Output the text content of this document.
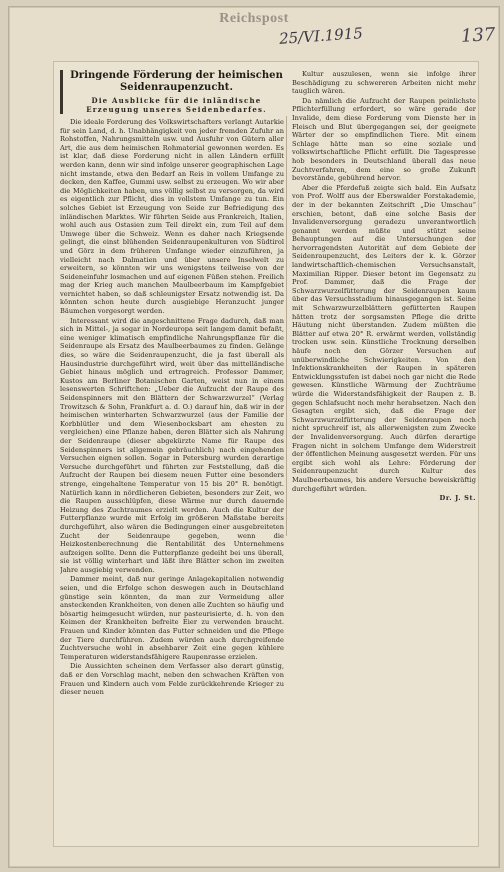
Reichspost
25/VI.1915	137
Dringende Förderung der heimischen Seidenraupenzucht.
Die Ausblicke für die inländische Erzeugung unseres Seidenbedarfes.

Die ideale Forderung des Volkswirtschafters verlangt Autarkie für sein Land, d. h. Unabhängigkeit von jeder fremden Zufuhr an Rohstoffen, Nahrungsmitteln usw. und Ausfuhr von Gütern aller Art, die aus dem heimischen Rohmaterial gewonnen werden. Es ist klar, daß diese Forderung nicht in allen Ländern erfüllt werden kann, denn wir sind infolge unserer geographischen Lage nicht imstande, etwa den Bedarf an Reis in vollem Umfange zu decken, den Kaffee, Gummi usw. selbst zu erzeugen. Wo wir aber die Möglichkeiten haben, uns völlig selbst zu versorgen, da wird es eigentlich zur Pflicht, dies in vollstem Umfange zu tun. Ein solches Gebiet ist Erzeugung von Seide zur Befriedigung des inländischen Marktes. Wir führten Seide aus Frankreich, Italien, wohl auch aus Ostasien zum Teil direkt ein, zum Teil auf dem Umwege über die Schweiz. Wenn es daher nach Kriegsende gelingt, die einst blühenden Seidenraupenkulturen von Südtirol und Görz in dem früheren Umfange wieder einzuführen, ja vielleicht nach Dalmatien und über unsere Inselwelt zu erweitern, so könnten wir uns wenigstens teilweise von der Seideneinfuhr losmachen und auf eigenen Füßen stehen. Freilich mag der Krieg auch manchen Maulbeerbaum im Kampfgebiet vernichtet haben, so daß schleunigster Ersatz notwendig ist. Da könnten schon heute durch ausgiebige Heranzucht junger Bäumchen vorgesorgt werden.

Interessant wird die angeschnittene Frage dadurch, daß man sich in Mittel-, ja sogar in Nordeuropa seit langem damit befaßt, eine weniger klimatisch empfindliche Nahrungspflanze für die Seidenraupe als Ersatz des Maulbeerbaumes zu finden. Gelänge dies, so wäre die Seidenraupenzucht, die ja fast überall als Hausindustrie durchgeführt wird, weit über das mittelländische Gebiet hinaus möglich und ertragreich. Professor Dammer, Kustos am Berliner Botanischen Garten, weist nun in einem lesenswerten Schriftchen: „Ueber die Aufzucht der Raupe des Seidenspinners mit den Blättern der Schwarzwurzel“ (Verlag Trowitzsch & Sohn, Frankfurt a. d. O.) darauf hin, daß wir in der heimischen winterharten Schwarzwurzel (aus der Familie der Korbblütler und dem Wiesenbocksbart am ehesten zu vergleichen) eine Pflanze haben, deren Blätter sich als Nahrung der Seidenraupe (dieser abgekürzte Name für Raupe des Seidenspinners ist allgemein gebräuchlich) nach eingehenden Versuchen eignen sollen. Sogar in Petersburg wurden derartige Versuche durchgeführt und führten zur Feststellung, daß die Aufzucht der Raupen bei diesem neuen Futter eine besonders strenge, eingehaltene Temperatur von 15 bis 20° R. benötigt. Natürlich kann in nördlicheren Gebieten, besonders zur Zeit, wo die Raupen ausschlüpfen, diese Wärme nur durch dauernde Heizung des Zuchtraumes erzielt werden. Auch die Kultur der Futterpflanze wurde mit Erfolg im größeren Maßstabe bereits durchgeführt, also wären die Bedingungen einer ausgebreiteten Zucht der Seidenraupe gegeben, wenn die Heizkostenberechnung die Rentabilität des Unternehmens aufzeigen sollte. Denn die Futterpflanze gedeiht bei uns überall, sie ist völlig winterhart und läßt ihre Blätter schon im zweiten Jahre ausgiebig verwenden.

Dammer meint, daß nur geringe Anlagekapitalien notwendig seien, und die Erfolge schon deswegen auch in Deutschland günstige sein könnten, da man zur Vermeidung aller ansteckenden Krankheiten, von denen alle Zuchten so häufig und bösartig heimgesucht würden, nur pasteurisierte, d. h. von den Keimen der Krankheiten befreite Eier zu verwenden braucht. Frauen und Kinder könnten das Futter schneiden und die Pflege der Tiere durchführen. Zudem würden auch durchgreifende Zuchtversuche wohl in absehbarer Zeit eine gegen kühlere Temperaturen widerstandsfähigere Raupenrasse erzielen.

Die Aussichten scheinen dem Verfasser also derart günstig, daß er den Vorschlag macht, neben den schwachen Kräften von Frauen und Kindern auch vom Felde zurückkehrende Krieger zu dieser neuen

Kultur auszulesen, wenn sie infolge ihrer Beschädigung zu schwereren Arbeiten nicht mehr tauglich wären.

Da nämlich die Aufzucht der Raupen peinlichste Pflichterfüllung erfordert, so wäre gerade der Invalide, dem diese Forderung vom Dienste her in Fleisch und Blut übergegangen sei, der geeignete Wärter der so empfindlichen Tiere. Mit einem Schlage hätte man so eine soziale und volkswirtschaftliche Pflicht erfüllt. Die Tagespresse hob besonders in Deutschland überall das neue Zuchtverfahren, dem eine so große Zukunft bevorstände, gebührend hervor.

Aber die Pferdefuß zeigte sich bald. Ein Aufsatz von Prof. Wolff aus der Eberswalder Forstakademie, der in der bekannten Zeitschrift „Die Umschau“ erschien, betont, daß eine solche Basis der Invalidenversorgung geradezu unverantwortlich genannt werden müßte und stützt seine Behauptungen auf die Untersuchungen der hervorragendsten Autorität auf dem Gebiete der Seidenraupenzucht, des Leiters der k. k. Görzer landwirtschaftlich-chemischen Versuchsanstalt, Maximilian Ripper. Dieser betont im Gegensatz zu Prof. Dammer, daß die Frage der Schwarzwurzelfütterung der Seidenraupen kaum über das Versuchsstadium hinausgegangen ist. Seine mit Schwarzwurzelblättern gefütterten Raupen hätten trotz der sorgsamsten Pflege die dritte Häutung nicht überstanden. Zudem müßten die Blätter auf etwa 20° R. erwärmt werden, vollständig trocken usw. sein. Künstliche Trocknung derselben häufe noch den Görzer Versuchen auf unüberwindliche Schwierigkeiten. Von den Infektionskrankheiten der Raupen in späteren Entwicklungsstufen ist dabei noch gar nicht die Rede gewesen. Künstliche Wärmung der Zuchträume würde die Widerstandsfähigkeit der Raupen z. B. gegen Schlafsucht noch mehr herabsetzen. Nach den Gesagten ergibt sich, daß die Frage der Schwarzwurzelfütterung der Seidenraupen noch nicht spruchreif ist, als allerwenigsten zum Zwecke der Invalidenversorgung. Auch dürfen derartige Fragen nicht in solchem Umfange dem Widerstreit der öffentlichen Meinung ausgesetzt werden. Für uns ergibt sich wohl als Lehre: Förderung der Seidenraupenzucht durch Kultur des Maulbeerbaumes, bis andere Versuche beweiskräftig durchgeführt würden.

Dr. J. St.
